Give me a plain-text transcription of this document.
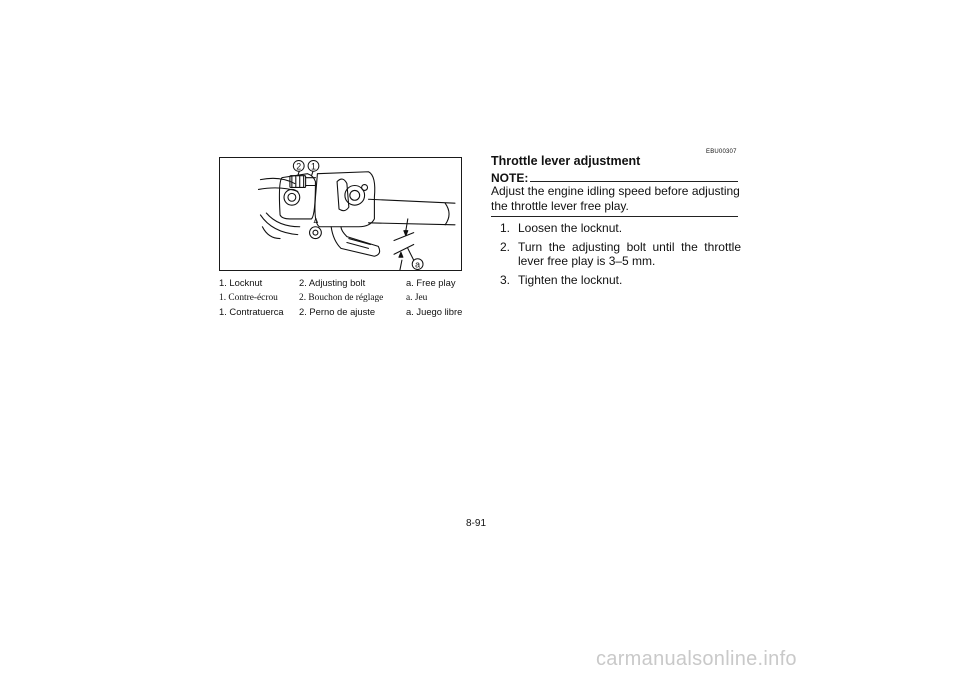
Δ
2 1
a
1. Locknut	2. Adjusting bolt	a. Free play
1. Contre-écrou 2. Bouchon de réglage a. Jeu
1. Contratuerca 2. Perno de ajuste	a. Juego libre
EBU00307
Throttle lever adjustment
NOTE:
Adjust the engine idling speed before adjusting the throttle lever free play.
1. Loosen the locknut.
2. Turn the adjusting bolt until the throttle lever free play is 3–5 mm.
3. Tighten the locknut.
8-91
carmanualsonline.info
